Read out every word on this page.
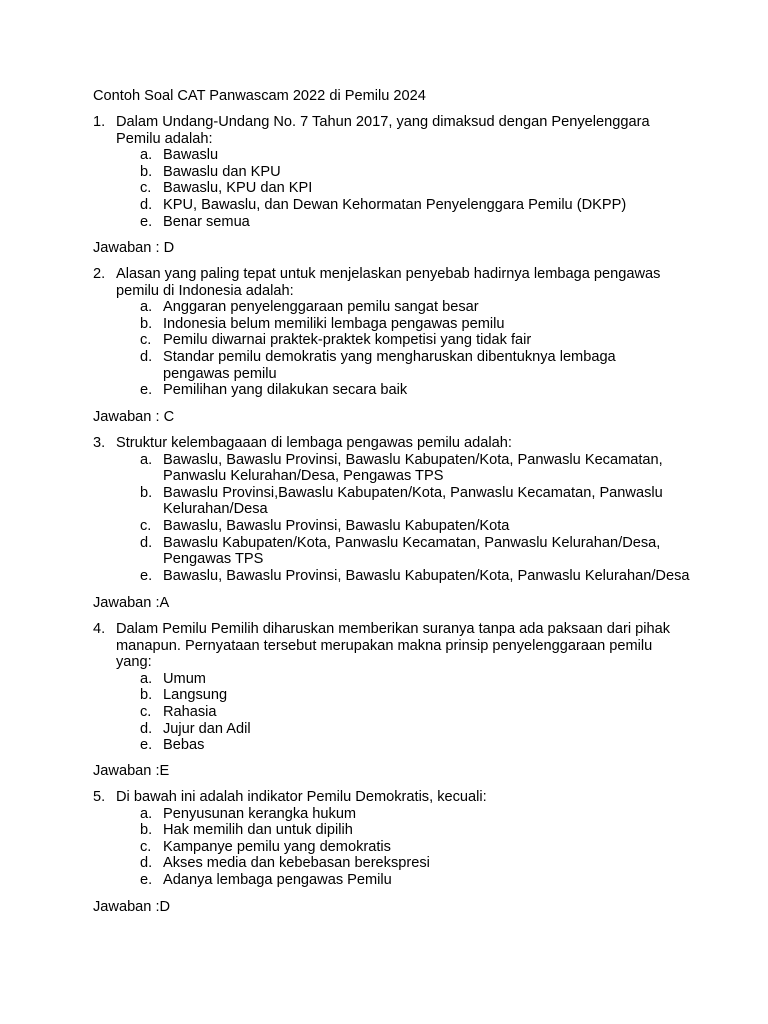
Contoh Soal CAT Panwascam 2022 di Pemilu 2024
1. Dalam Undang-Undang No. 7 Tahun 2017, yang dimaksud dengan Penyelenggara Pemilu adalah:
a. Bawaslu
b. Bawaslu dan KPU
c. Bawaslu, KPU dan KPI
d. KPU, Bawaslu, dan Dewan Kehormatan Penyelenggara Pemilu (DKPP)
e. Benar semua
Jawaban : D
2. Alasan yang paling tepat untuk menjelaskan penyebab hadirnya lembaga pengawas pemilu di Indonesia adalah:
a. Anggaran penyelenggaraan pemilu sangat besar
b. Indonesia belum memiliki lembaga pengawas pemilu
c. Pemilu diwarnai praktek-praktek kompetisi yang tidak fair
d. Standar pemilu demokratis yang mengharuskan dibentuknya lembaga pengawas pemilu
e. Pemilihan yang dilakukan secara baik
Jawaban : C
3. Struktur kelembagaaan di lembaga pengawas pemilu adalah:
a. Bawaslu, Bawaslu Provinsi, Bawaslu Kabupaten/Kota, Panwaslu Kecamatan, Panwaslu Kelurahan/Desa, Pengawas TPS
b. Bawaslu Provinsi,Bawaslu Kabupaten/Kota, Panwaslu Kecamatan, Panwaslu Kelurahan/Desa
c. Bawaslu, Bawaslu Provinsi, Bawaslu Kabupaten/Kota
d. Bawaslu Kabupaten/Kota, Panwaslu Kecamatan, Panwaslu Kelurahan/Desa, Pengawas TPS
e. Bawaslu, Bawaslu Provinsi, Bawaslu Kabupaten/Kota, Panwaslu Kelurahan/Desa
Jawaban :A
4. Dalam Pemilu Pemilih diharuskan memberikan suranya tanpa ada paksaan dari pihak manapun. Pernyataan tersebut merupakan makna prinsip penyelenggaraan pemilu yang:
a. Umum
b. Langsung
c. Rahasia
d. Jujur dan Adil
e. Bebas
Jawaban :E
5. Di bawah ini adalah indikator Pemilu Demokratis, kecuali:
a. Penyusunan kerangka hukum
b. Hak memilih dan untuk dipilih
c. Kampanye pemilu yang demokratis
d. Akses media dan kebebasan berekspresi
e. Adanya lembaga pengawas Pemilu
Jawaban :D
